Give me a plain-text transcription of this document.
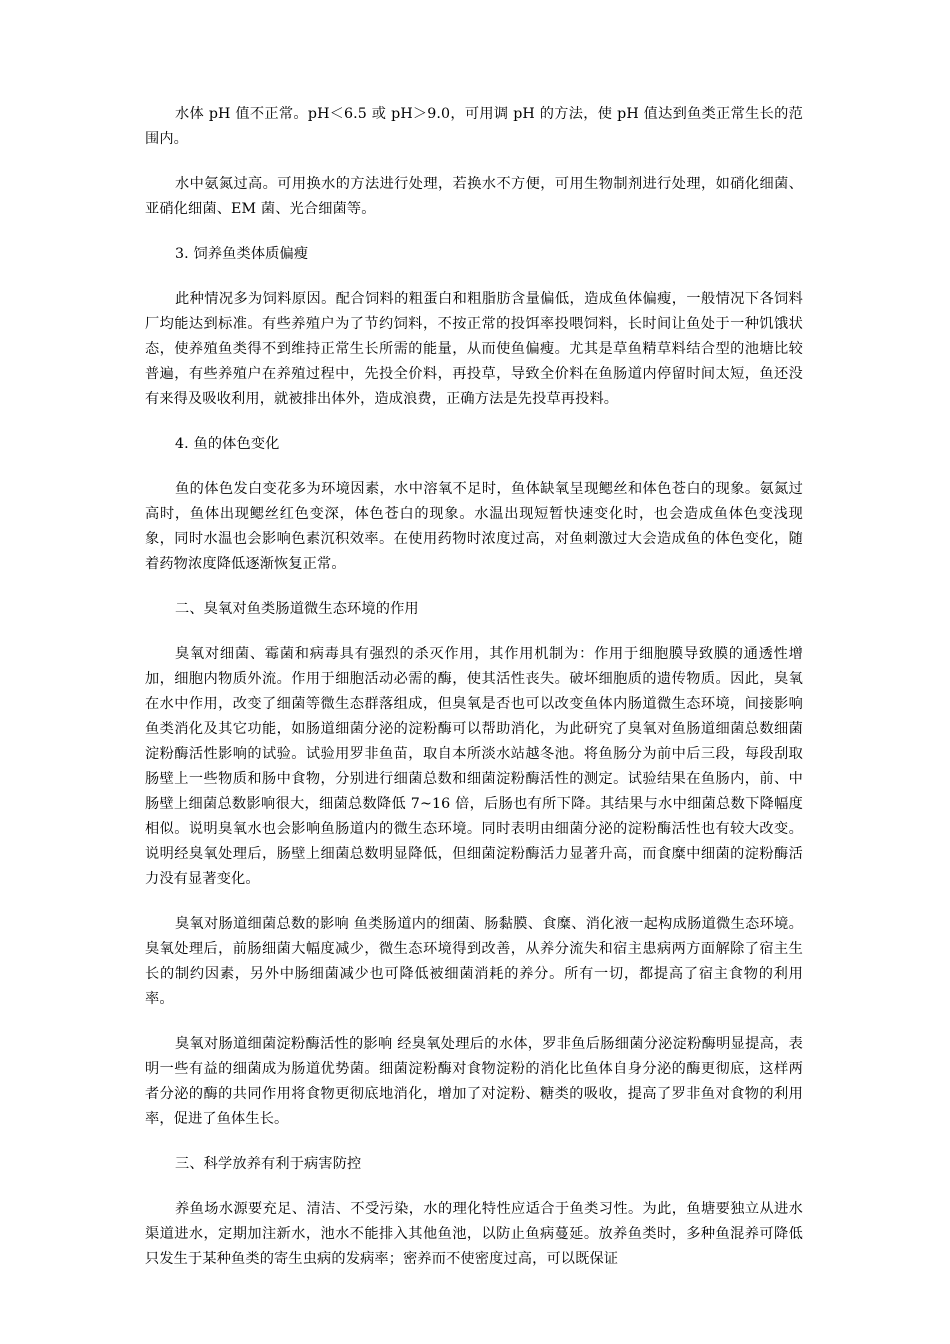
水体 pH 值不正常。pH＜6.5 或 pH＞9.0，可用调 pH 的方法，使 pH 值达到鱼类正常生长的范围内。

水中氨氮过高。可用换水的方法进行处理，若换水不方便，可用生物制剂进行处理，如硝化细菌、亚硝化细菌、EM 菌、光合细菌等。

3. 饲养鱼类体质偏瘦

此种情况多为饲料原因。配合饲料的粗蛋白和粗脂肪含量偏低，造成鱼体偏瘦，一般情况下各饲料厂均能达到标准。有些养殖户为了节约饲料，不按正常的投饵率投喂饲料，长时间让鱼处于一种饥饿状态，使养殖鱼类得不到维持正常生长所需的能量，从而使鱼偏瘦。尤其是草鱼精草料结合型的池塘比较普遍，有些养殖户在养殖过程中，先投全价料，再投草，导致全价料在鱼肠道内停留时间太短，鱼还没有来得及吸收利用，就被排出体外，造成浪费，正确方法是先投草再投料。

4. 鱼的体色变化

鱼的体色发白变花多为环境因素，水中溶氧不足时，鱼体缺氧呈现鳃丝和体色苍白的现象。氨氮过高时，鱼体出现鳃丝红色变深，体色苍白的现象。水温出现短暂快速变化时，也会造成鱼体色变浅现象，同时水温也会影响色素沉积效率。在使用药物时浓度过高，对鱼刺激过大会造成鱼的体色变化，随着药物浓度降低逐渐恢复正常。

二、臭氧对鱼类肠道微生态环境的作用

臭氧对细菌、霉菌和病毒具有强烈的杀灭作用，其作用机制为：作用于细胞膜导致膜的通透性增加，细胞内物质外流。作用于细胞活动必需的酶，使其活性丧失。破坏细胞质的遗传物质。因此，臭氧在水中作用，改变了细菌等微生态群落组成，但臭氧是否也可以改变鱼体内肠道微生态环境，间接影响鱼类消化及其它功能，如肠道细菌分泌的淀粉酶可以帮助消化，为此研究了臭氧对鱼肠道细菌总数细菌淀粉酶活性影响的试验。试验用罗非鱼苗，取自本所淡水站越冬池。将鱼肠分为前中后三段，每段刮取肠壁上一些物质和肠中食物，分别进行细菌总数和细菌淀粉酶活性的测定。试验结果在鱼肠内，前、中肠壁上细菌总数影响很大，细菌总数降低 7~16 倍，后肠也有所下降。其结果与水中细菌总数下降幅度相似。说明臭氧水也会影响鱼肠道内的微生态环境。同时表明由细菌分泌的淀粉酶活性也有较大改变。说明经臭氧处理后，肠壁上细菌总数明显降低，但细菌淀粉酶活力显著升高，而食糜中细菌的淀粉酶活力没有显著变化。

臭氧对肠道细菌总数的影响 鱼类肠道内的细菌、肠黏膜、食糜、消化液一起构成肠道微生态环境。臭氧处理后，前肠细菌大幅度减少，微生态环境得到改善，从养分流失和宿主患病两方面解除了宿主生长的制约因素，另外中肠细菌减少也可降低被细菌消耗的养分。所有一切，都提高了宿主食物的利用率。

臭氧对肠道细菌淀粉酶活性的影响 经臭氧处理后的水体，罗非鱼后肠细菌分泌淀粉酶明显提高，表明一些有益的细菌成为肠道优势菌。细菌淀粉酶对食物淀粉的消化比鱼体自身分泌的酶更彻底，这样两者分泌的酶的共同作用将食物更彻底地消化，增加了对淀粉、糖类的吸收，提高了罗非鱼对食物的利用率，促进了鱼体生长。

三、科学放养有利于病害防控

养鱼场水源要充足、清洁、不受污染，水的理化特性应适合于鱼类习性。为此，鱼塘要独立从进水渠道进水，定期加注新水，池水不能排入其他鱼池，以防止鱼病蔓延。放养鱼类时，多种鱼混养可降低只发生于某种鱼类的寄生虫病的发病率；密养而不使密度过高，可以既保证
